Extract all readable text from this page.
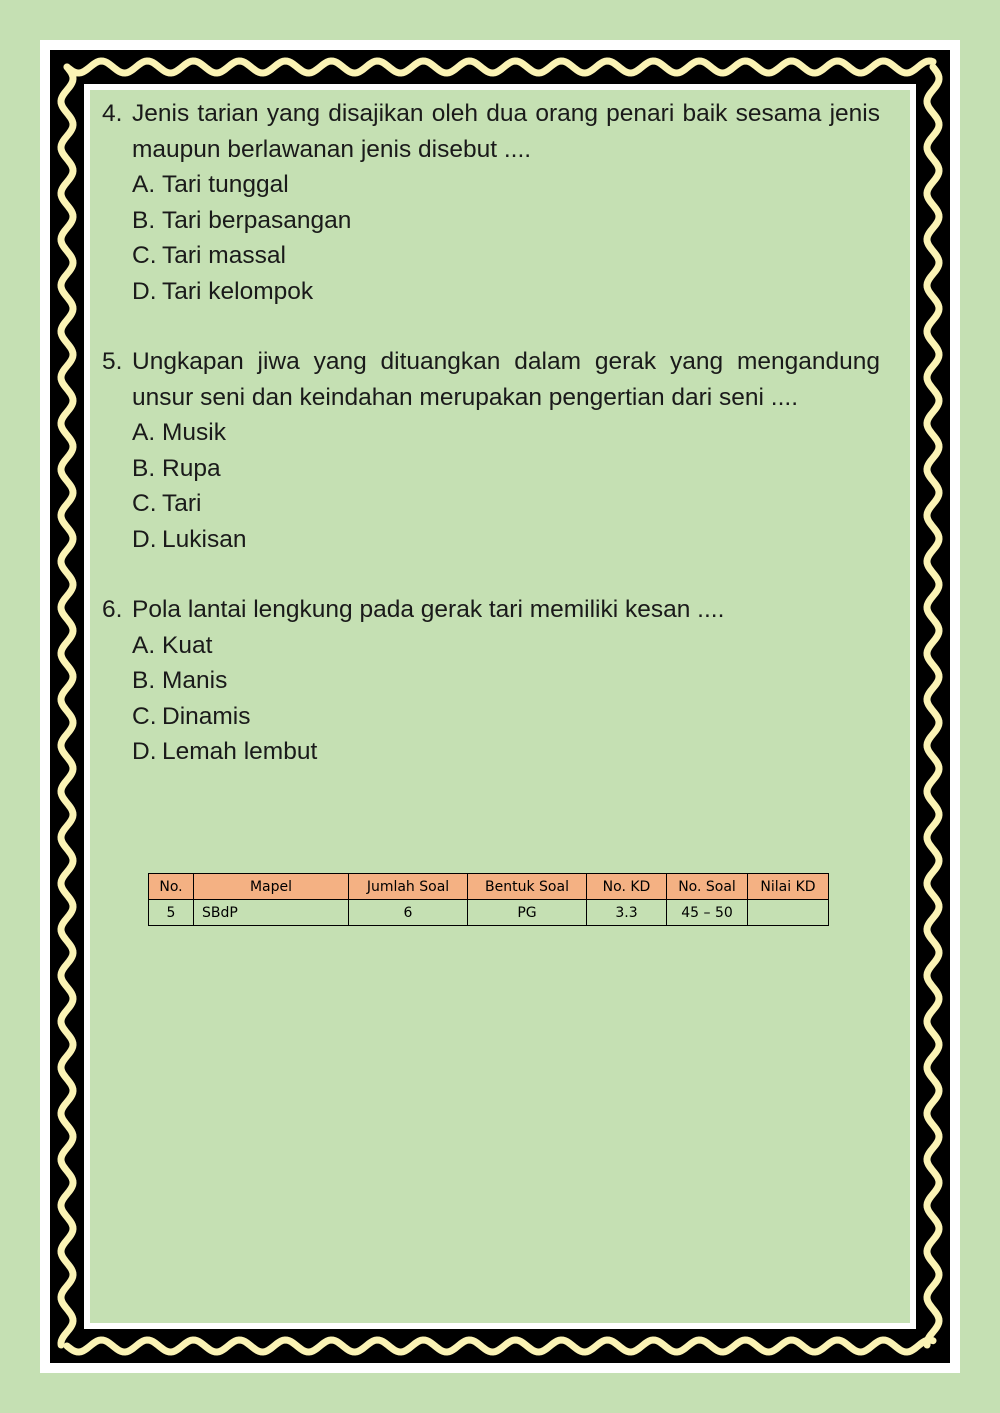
4. Jenis tarian yang disajikan oleh dua orang penari baik sesama jenis maupun berlawanan jenis disebut ....
A. Tari tunggal
B. Tari berpasangan
C. Tari massal
D. Tari kelompok
5. Ungkapan jiwa yang dituangkan dalam gerak yang mengandung unsur seni dan keindahan merupakan pengertian dari seni ....
A. Musik
B. Rupa
C. Tari
D. Lukisan
6. Pola lantai lengkung pada gerak tari memiliki kesan ....
A. Kuat
B. Manis
C. Dinamis
D. Lemah lembut
No.	Mapel	Jumlah Soal	Bentuk Soal	No. KD	No. Soal	Nilai KD
5	SBdP	6	PG	3.3	45 – 50	
